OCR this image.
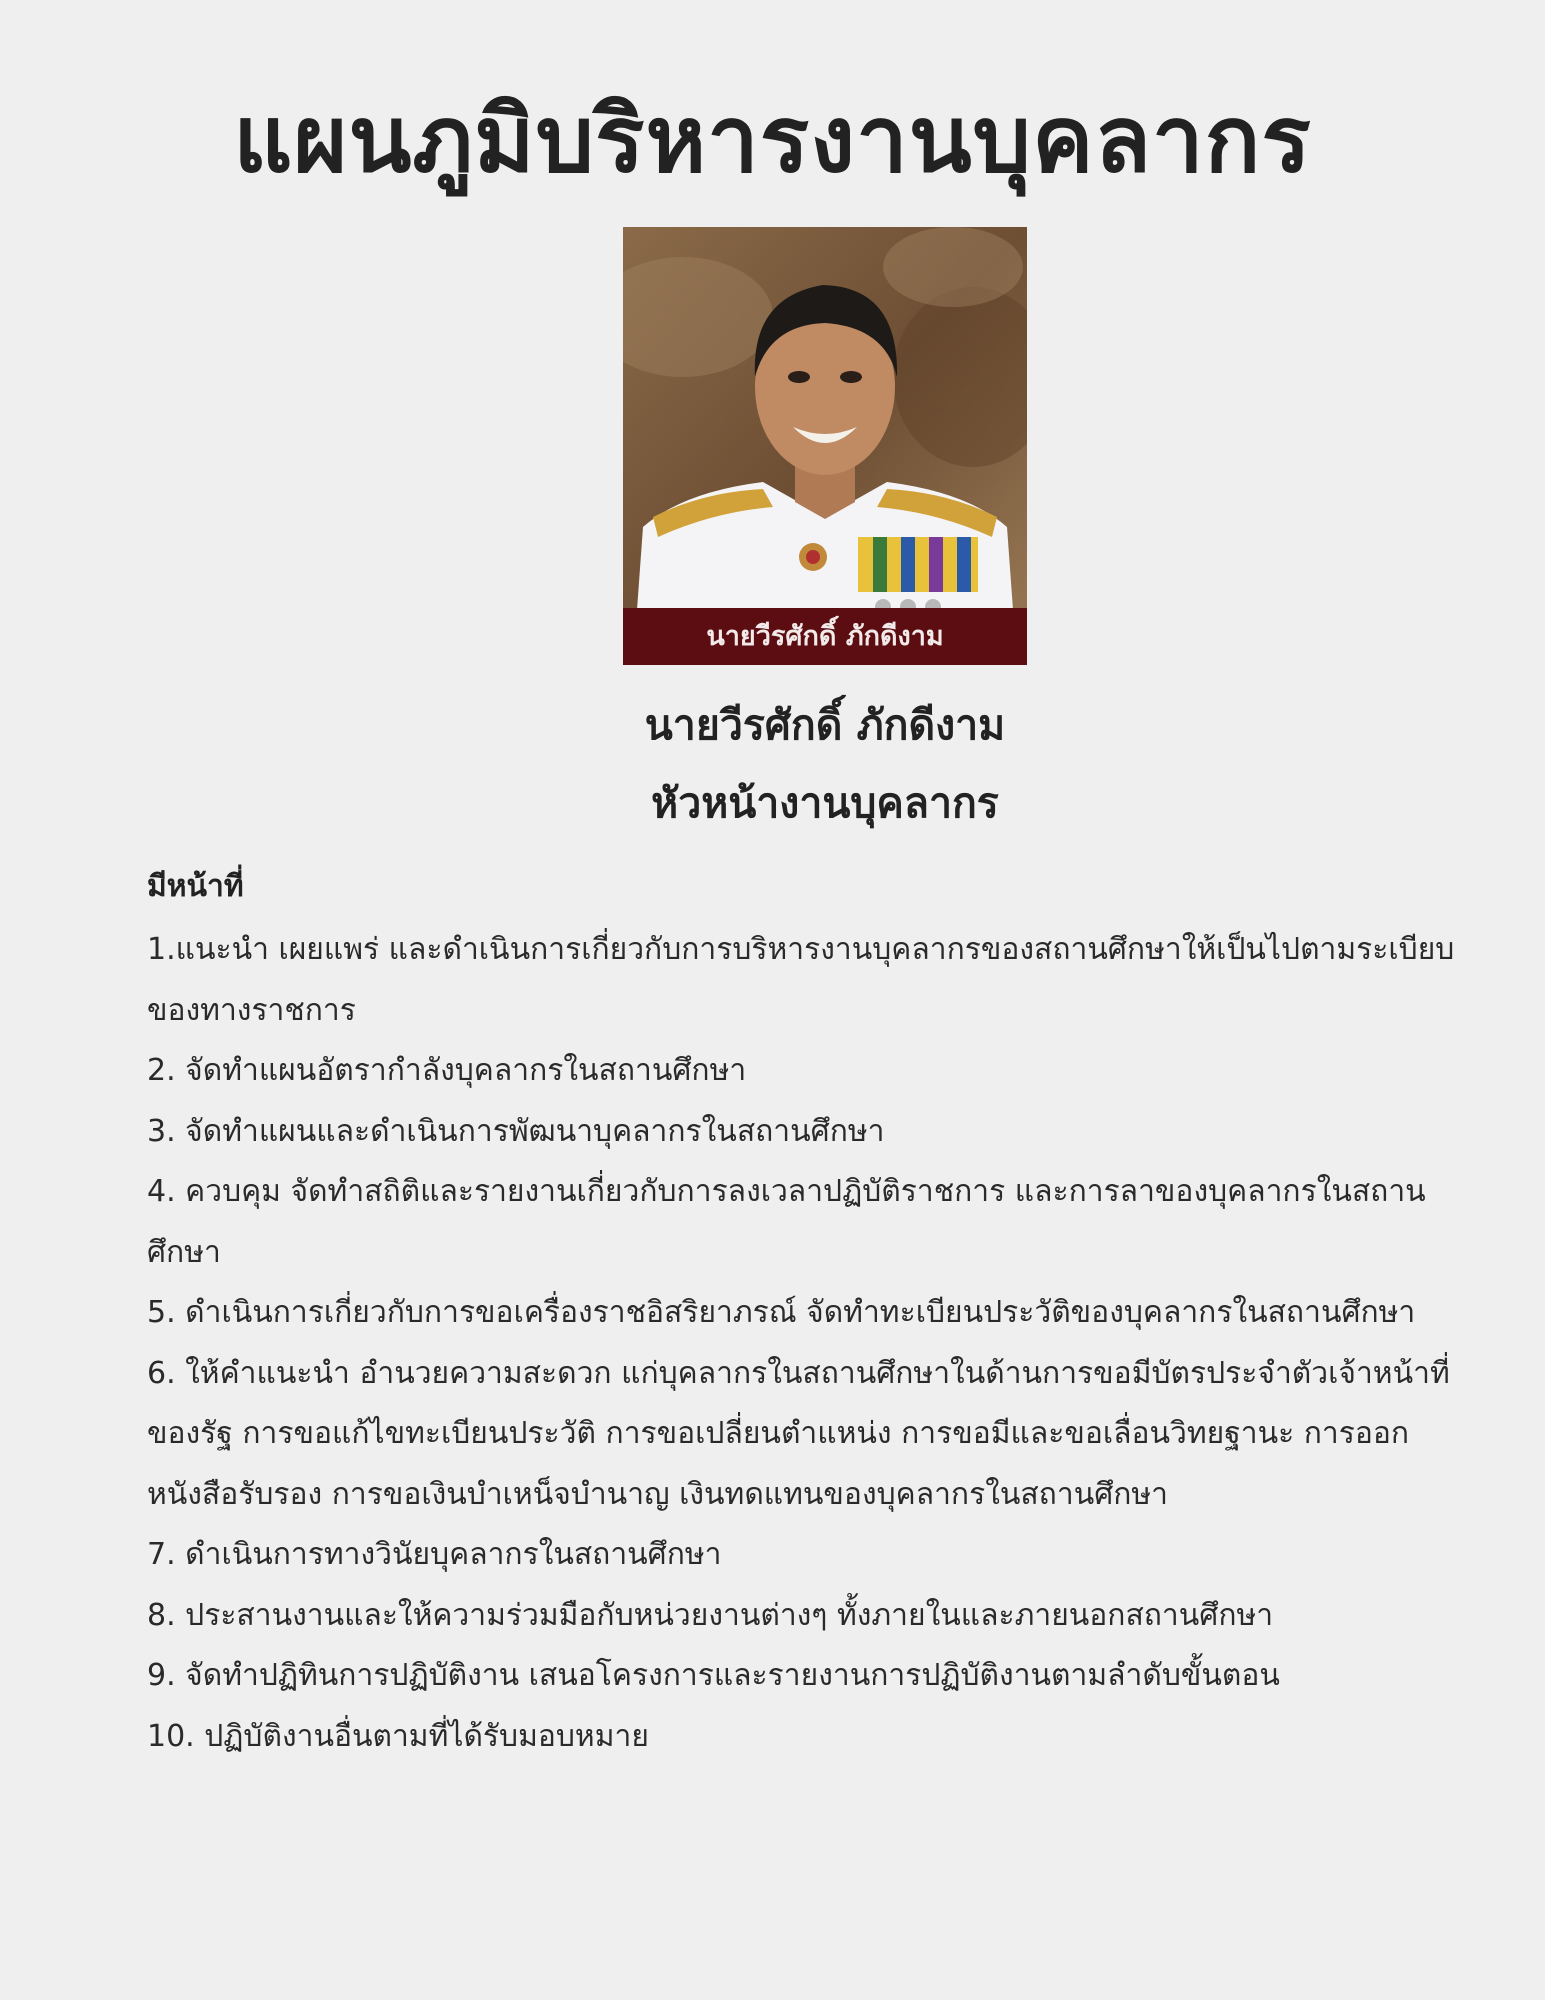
แผนภูมิบริหารงานบุคลากร
นายวีรศักดิ์ ภักดีงาม
นายวีรศักดิ์ ภักดีงาม
หัวหน้างานบุคลากร
มีหน้าที่

1.แนะนำ เผยแพร่ และดำเนินการเกี่ยวกับการบริหารงานบุคลากรของสถานศึกษาให้เป็นไปตามระเบียบของทางราชการ

2. จัดทำแผนอัตรากำลังบุคลากรในสถานศึกษา

3. จัดทำแผนและดำเนินการพัฒนาบุคลากรในสถานศึกษา

4. ควบคุม จัดทำสถิติและรายงานเกี่ยวกับการลงเวลาปฏิบัติราชการ และการลาของบุคลากรในสถานศึกษา

5. ดำเนินการเกี่ยวกับการขอเครื่องราชอิสริยาภรณ์ จัดทำทะเบียนประวัติของบุคลากรในสถานศึกษา

6. ให้คำแนะนำ อำนวยความสะดวก แก่บุคลากรในสถานศึกษาในด้านการขอมีบัตรประจำตัวเจ้าหน้าที่ของรัฐ การขอแก้ไขทะเบียนประวัติ การขอเปลี่ยนตำแหน่ง การขอมีและขอเลื่อนวิทยฐานะ การออกหนังสือรับรอง การขอเงินบำเหน็จบำนาญ เงินทดแทนของบุคลากรในสถานศึกษา

7. ดำเนินการทางวินัยบุคลากรในสถานศึกษา

8. ประสานงานและให้ความร่วมมือกับหน่วยงานต่างๆ ทั้งภายในและภายนอกสถานศึกษา

9. จัดทำปฏิทินการปฏิบัติงาน เสนอโครงการและรายงานการปฏิบัติงานตามลำดับขั้นตอน

10. ปฏิบัติงานอื่นตามที่ได้รับมอบหมาย
